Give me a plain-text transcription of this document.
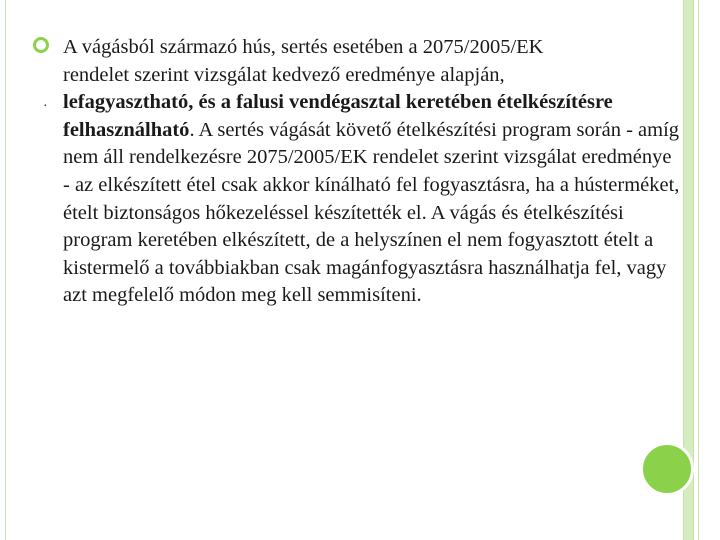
·

A vágásból származó hús, sertés esetében a 2075/2005/EK
rendelet szerint vizsgálat kedvező eredménye alapján,
lefagyasztható, és a falusi vendégasztal keretében ételkészítésre felhasználható. A sertés vágását követő ételkészítési program során - amíg nem áll rendelkezésre 2075/2005/EK rendelet szerint vizsgálat eredménye - az elkészített étel csak akkor kínálható fel fogyasztásra, ha a hústerméket, ételt biztonságos hőkezeléssel készítették el. A vágás és ételkészítési program keretében elkészített, de a helyszínen el nem fogyasztott ételt a kistermelő a továbbiakban csak magánfogyasztásra használhatja fel, vagy azt megfelelő módon meg kell semmisíteni.
